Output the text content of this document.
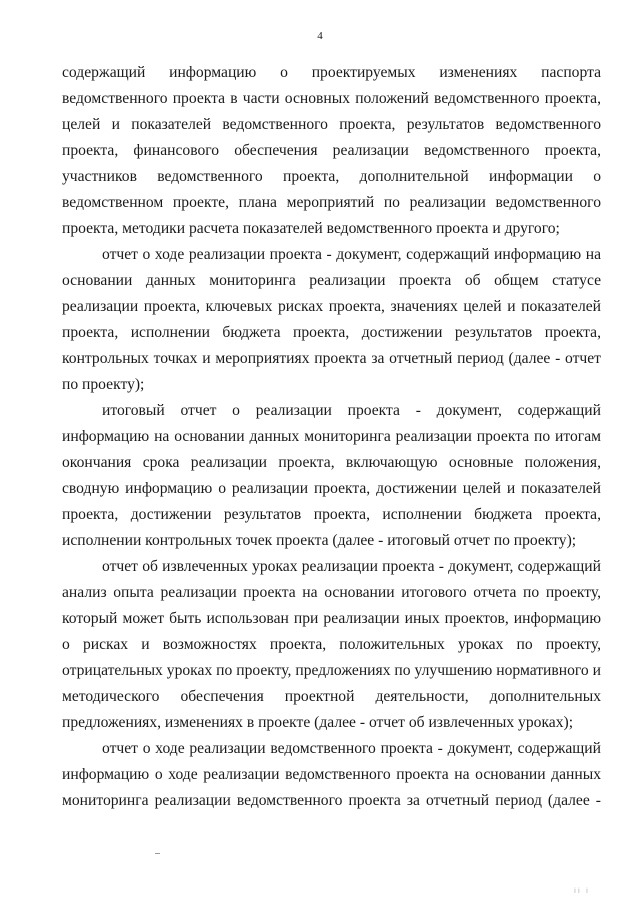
4

содержащий информацию о проектируемых изменениях паспорта ведомственного проекта в части основных положений ведомственного проекта, целей и показателей ведомственного проекта, результатов ведомственного проекта, финансового обеспечения реализации ведомственного проекта, участников ведомственного проекта, дополнительной информации о ведомственном проекте, плана мероприятий по реализации ведомственного проекта, методики расчета показателей ведомственного проекта и другого;

отчет о ходе реализации проекта - документ, содержащий информацию на основании данных мониторинга реализации проекта об общем статусе реализации проекта, ключевых рисках проекта, значениях целей и показателей проекта, исполнении бюджета проекта, достижении результатов проекта, контрольных точках и мероприятиях проекта за отчетный период (далее - отчет по проекту);

итоговый отчет о реализации проекта - документ, содержащий информацию на основании данных мониторинга реализации проекта по итогам окончания срока реализации проекта, включающую основные положения, сводную информацию о реализации проекта, достижении целей и показателей проекта, достижении результатов проекта, исполнении бюджета проекта, исполнении контрольных точек проекта (далее - итоговый отчет по проекту);

отчет об извлеченных уроках реализации проекта - документ, содержащий анализ опыта реализации проекта на основании итогового отчета по проекту, который может быть использован при реализации иных проектов, информацию о рисках и возможностях проекта, положительных уроках по проекту, отрицательных уроках по проекту, предложениях по улучшению нормативного и методического обеспечения проектной деятельности, дополнительных предложениях, изменениях в проекте (далее - отчет об извлеченных уроках);

отчет о ходе реализации ведомственного проекта - документ, содержащий информацию о ходе реализации ведомственного проекта на основании данных мониторинга реализации ведомственного проекта за отчетный период (далее -

ii i
